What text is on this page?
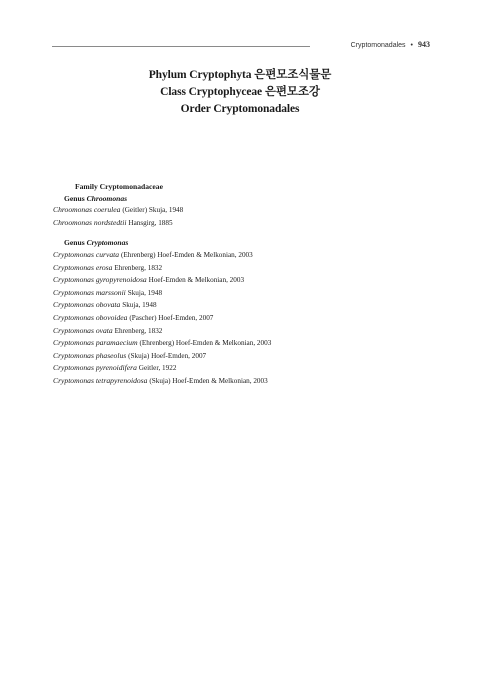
Cryptomonadales • 943
Phylum Cryptophyta 은편모조식물문
Class Cryptophyceae 은편모조강
Order Cryptomonadales
Family Cryptomonadaceae
Genus Chroomonas
Chroomonas coerulea (Geitler) Skuja, 1948
Chroomonas nordstedtii Hansgirg, 1885
Genus Cryptomonas
Cryptomonas curvata (Ehrenberg) Hoef-Emden & Melkonian, 2003
Cryptomonas erosa Ehrenberg, 1832
Cryptomonas gyropyrenoidosa Hoef-Emden & Melkonian, 2003
Cryptomonas marssonii Skuja, 1948
Cryptomonas obovata Skuja, 1948
Cryptomonas obovoidea (Pascher) Hoef-Emden, 2007
Cryptomonas ovata Ehrenberg, 1832
Cryptomonas paramaecium (Ehrenberg) Hoef-Emden & Melkonian, 2003
Cryptomonas phaseolus (Skuja) Hoef-Emden, 2007
Cryptomonas pyrenoidifera Geitler, 1922
Cryptomonas tetrapyrenoidosa (Skuja) Hoef-Emden & Melkonian, 2003
